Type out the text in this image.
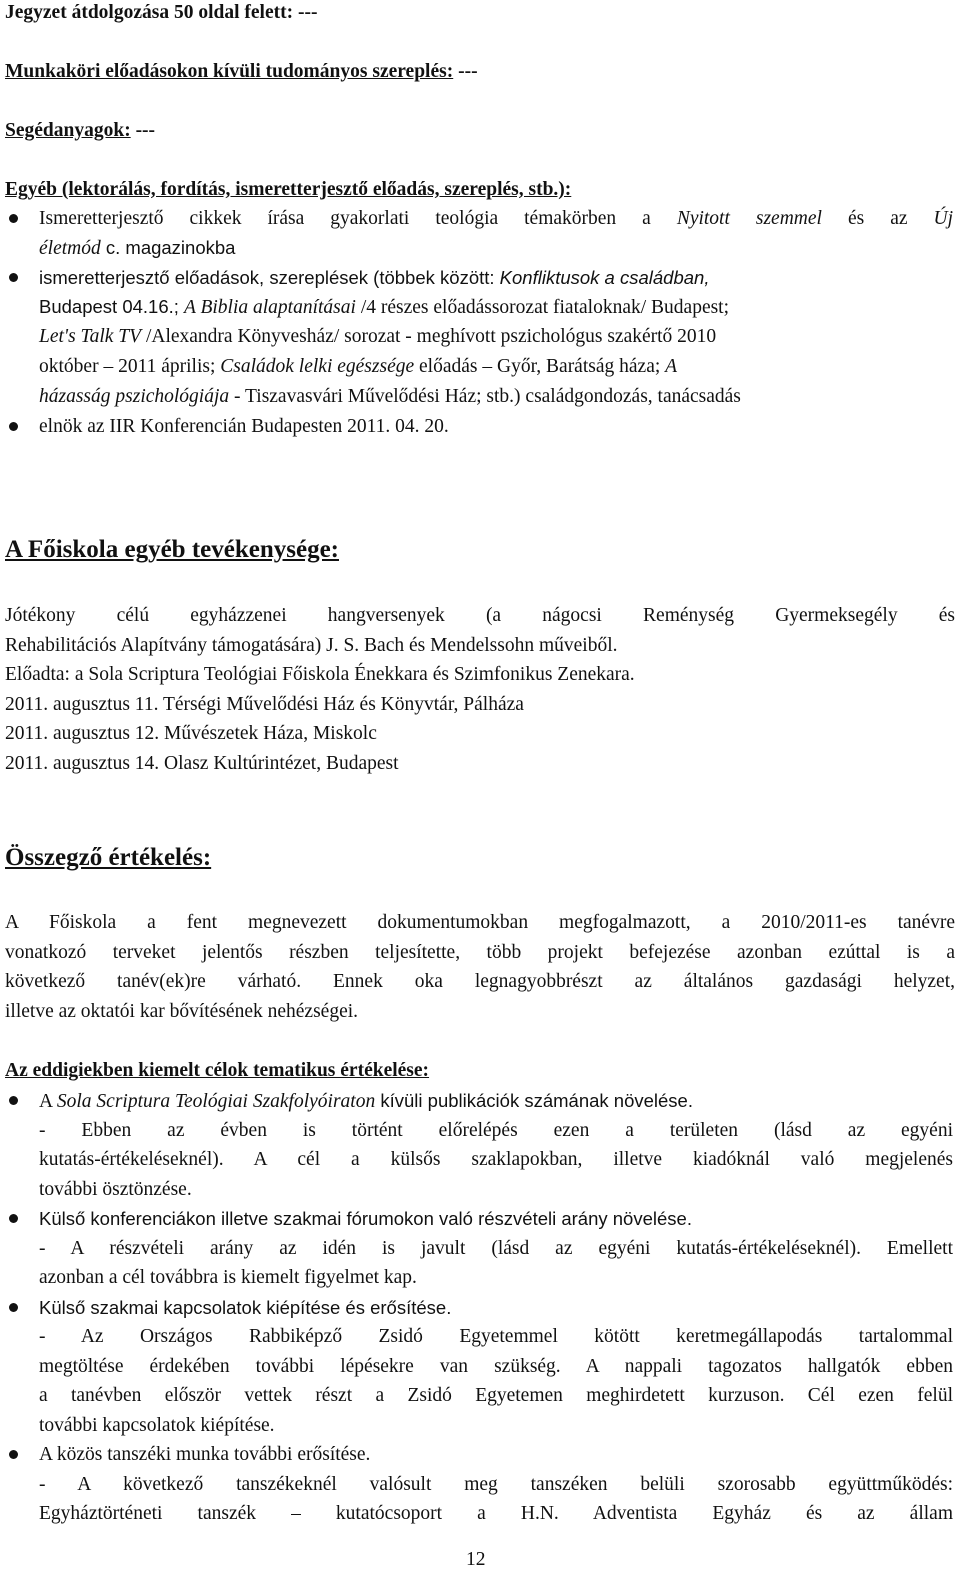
Jegyzet átdolgozása 50 oldal felett: ---
Munkaköri előadásokon kívüli tudományos szereplés: ---
Segédanyagok: ---
Egyéb (lektorálás, fordítás, ismeretterjesztő előadás, szereplés, stb.):
Ismeretterjesztő cikkek írása gyakorlati teológia témakörben a Nyitott szemmel és az Új
életmód c. magazinokba
ismeretterjesztő előadások, szereplések (többek között: Konfliktusok a családban,
Budapest 04.16.; A Biblia alaptanításai /4 részes előadássorozat fiataloknak/ Budapest;
Let's Talk TV /Alexandra Könyvesház/ sorozat - meghívott pszichológus szakértő 2010
október – 2011 április; Családok lelki egészsége előadás – Győr, Barátság háza; A
házasság pszichológiája - Tiszavasvári Művelődési Ház; stb.) családgondozás, tanácsadás
elnök az IIR Konferencián Budapesten 2011. 04. 20.
A Főiskola egyéb tevékenysége:
Jótékony célú egyházzenei hangversenyek (a nágocsi Reménység Gyermeksegély és
Rehabilitációs Alapítvány támogatására) J. S. Bach és Mendelssohn műveiből.
Előadta: a Sola Scriptura Teológiai Főiskola Énekkara és Szimfonikus Zenekara.
2011. augusztus 11. Térségi Művelődési Ház és Könyvtár, Pálháza
2011. augusztus 12. Művészetek Háza, Miskolc
2011. augusztus 14. Olasz Kultúrintézet, Budapest
Összegző értékelés:
A Főiskola a fent megnevezett dokumentumokban megfogalmazott, a 2010/2011-es tanévre
vonatkozó terveket jelentős részben teljesítette, több projekt befejezése azonban ezúttal is a
következő tanév(ek)re várható. Ennek oka legnagyobbrészt az általános gazdasági helyzet,
illetve az oktatói kar bővítésének nehézségei.
Az eddigiekben kiemelt célok tematikus értékelése:
A Sola Scriptura Teológiai Szakfolyóiraton kívüli publikációk számának növelése.
- Ebben az évben is történt előrelépés ezen a területen (lásd az egyéni
kutatás-értékeléseknél). A cél a külsős szaklapokban, illetve kiadóknál való megjelenés
további ösztönzése.
Külső konferenciákon illetve szakmai fórumokon való részvételi arány növelése.
- A részvételi arány az idén is javult (lásd az egyéni kutatás-értékeléseknél). Emellett
azonban a cél továbbra is kiemelt figyelmet kap.
Külső szakmai kapcsolatok kiépítése és erősítése.
- Az Országos Rabbiképző Zsidó Egyetemmel kötött keretmegállapodás tartalommal
megtöltése érdekében további lépésekre van szükség. A nappali tagozatos hallgatók ebben
a tanévben először vettek részt a Zsidó Egyetemen meghirdetett kurzuson. Cél ezen felül
további kapcsolatok kiépítése.
A közös tanszéki munka további erősítése.
- A következő tanszékeknél valósult meg tanszéken belüli szorosabb együttműködés:
Egyháztörténeti tanszék – kutatócsoport a H.N. Adventista Egyház és az állam
12
